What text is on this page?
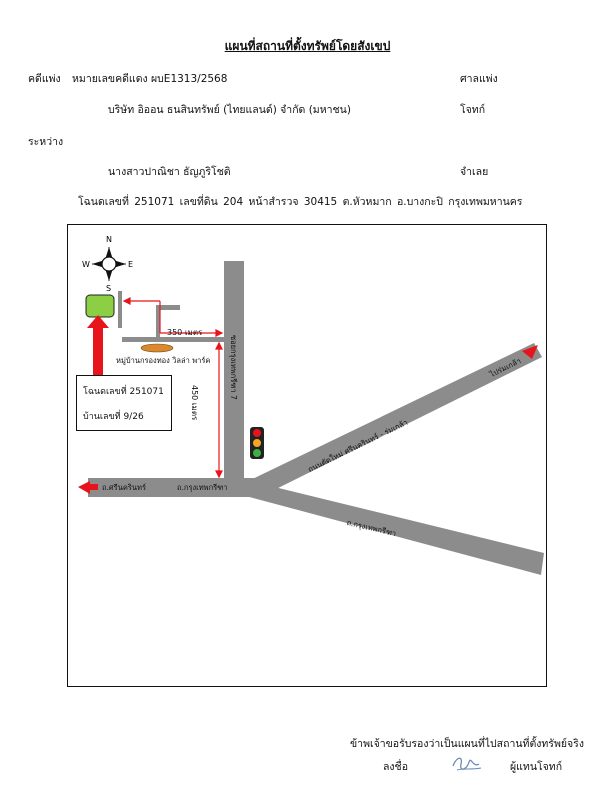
แผนที่สถานที่ตั้งทรัพย์โดยสังเขป
คดีแพ่ง หมายเลขคดีแดง ผบE1313/2568	ศาลแพ่ง
บริษัท อิออน ธนสินทรัพย์ (ไทยแลนด์) จำกัด (มหาชน)	โจทก์
ระหว่าง
นางสาวปาณิชา ธัญภูริโชติ	จำเลย
โฉนดเลขที่ 251071 เลขที่ดิน 204 หน้าสำรวจ 30415 ต.หัวหมาก อ.บางกะปิ กรุงเทพมหานคร
N
S
E
W
350 เมตร
450 เมตร
หมู่บ้านกรองทอง วิลล่า พาร์ค ซอยกรุงเทพกรีฑา 7
ถ.กรุงเทพกรีฑา
ถ.กรุงเทพกรีฑา
ถนนตัดใหม่ ศรีนครินทร์ - ร่มเกล้า
ไปร่มเกล้า
ถ.ศรีนครินทร์
โฉนดเลขที่ 251071
บ้านเลขที่ 9/26
ข้าพเจ้าขอรับรองว่าเป็นแผนที่ไปสถานที่ตั้งทรัพย์จริง
ลงชื่อ	ผู้แทนโจทก์
